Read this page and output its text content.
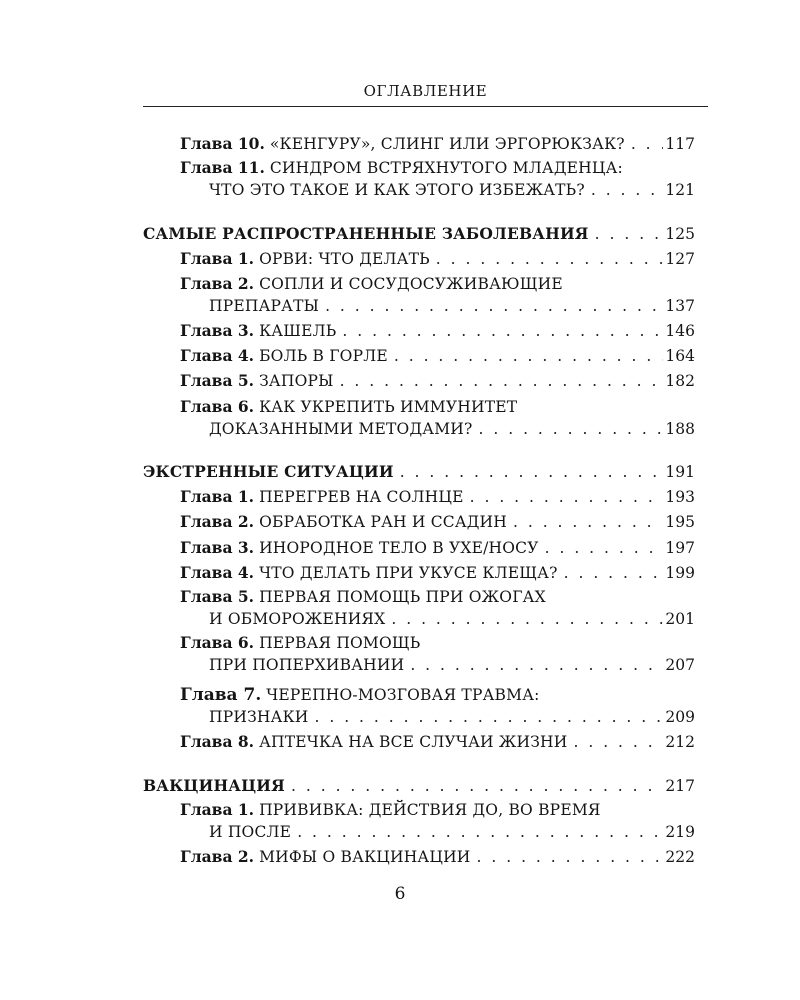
ОГЛАВЛЕНИЕ
Глава 10. «КЕНГУРУ», СЛИНГ ИЛИ ЭРГОРЮКЗАК? . . .	117
Глава 11. СИНДРОМ ВСТРЯХНУТОГО МЛАДЕНЦА:
ЧТО ЭТО ТАКОЕ И КАК ЭТОГО ИЗБЕЖАТЬ? . . .	121
САМЫЕ РАСПРОСТРАНЕННЫЕ ЗАБОЛЕВАНИЯ . . .	125
Глава 1. ОРВИ: ЧТО ДЕЛАТЬ . . .	127
Глава 2. СОПЛИ И СОСУДОСУЖИВАЮЩИЕ
ПРЕПАРАТЫ . . .	137
Глава 3. КАШЕЛЬ . . .	146
Глава 4. БОЛЬ В ГОРЛЕ . . .	164
Глава 5. ЗАПОРЫ . . .	182
Глава 6. КАК УКРЕПИТЬ ИММУНИТЕТ
ДОКАЗАННЫМИ МЕТОДАМИ? . . .	188
ЭКСТРЕННЫЕ СИТУАЦИИ . . .	191
Глава 1. ПЕРЕГРЕВ НА СОЛНЦЕ . . .	193
Глава 2. ОБРАБОТКА РАН И ССАДИН . . .	195
Глава 3. ИНОРОДНОЕ ТЕЛО В УХЕ/НОСУ . . .	197
Глава 4. ЧТО ДЕЛАТЬ ПРИ УКУСЕ КЛЕЩА? . . .	199
Глава 5. ПЕРВАЯ ПОМОЩЬ ПРИ ОЖОГАХ
И ОБМОРОЖЕНИЯХ . . .	201
Глава 6. ПЕРВАЯ ПОМОЩЬ
ПРИ ПОПЕРХИВАНИИ . . .	207
Глава 7. ЧЕРЕПНО-МОЗГОВАЯ ТРАВМА:
ПРИЗНАКИ . . .	209
Глава 8. АПТЕЧКА НА ВСЕ СЛУЧАИ ЖИЗНИ . . .	212
ВАКЦИНАЦИЯ . . .	217
Глава 1. ПРИВИВКА: ДЕЙСТВИЯ ДО, ВО ВРЕМЯ
И ПОСЛЕ . . .	219
Глава 2. МИФЫ О ВАКЦИНАЦИИ . . .	222
6
